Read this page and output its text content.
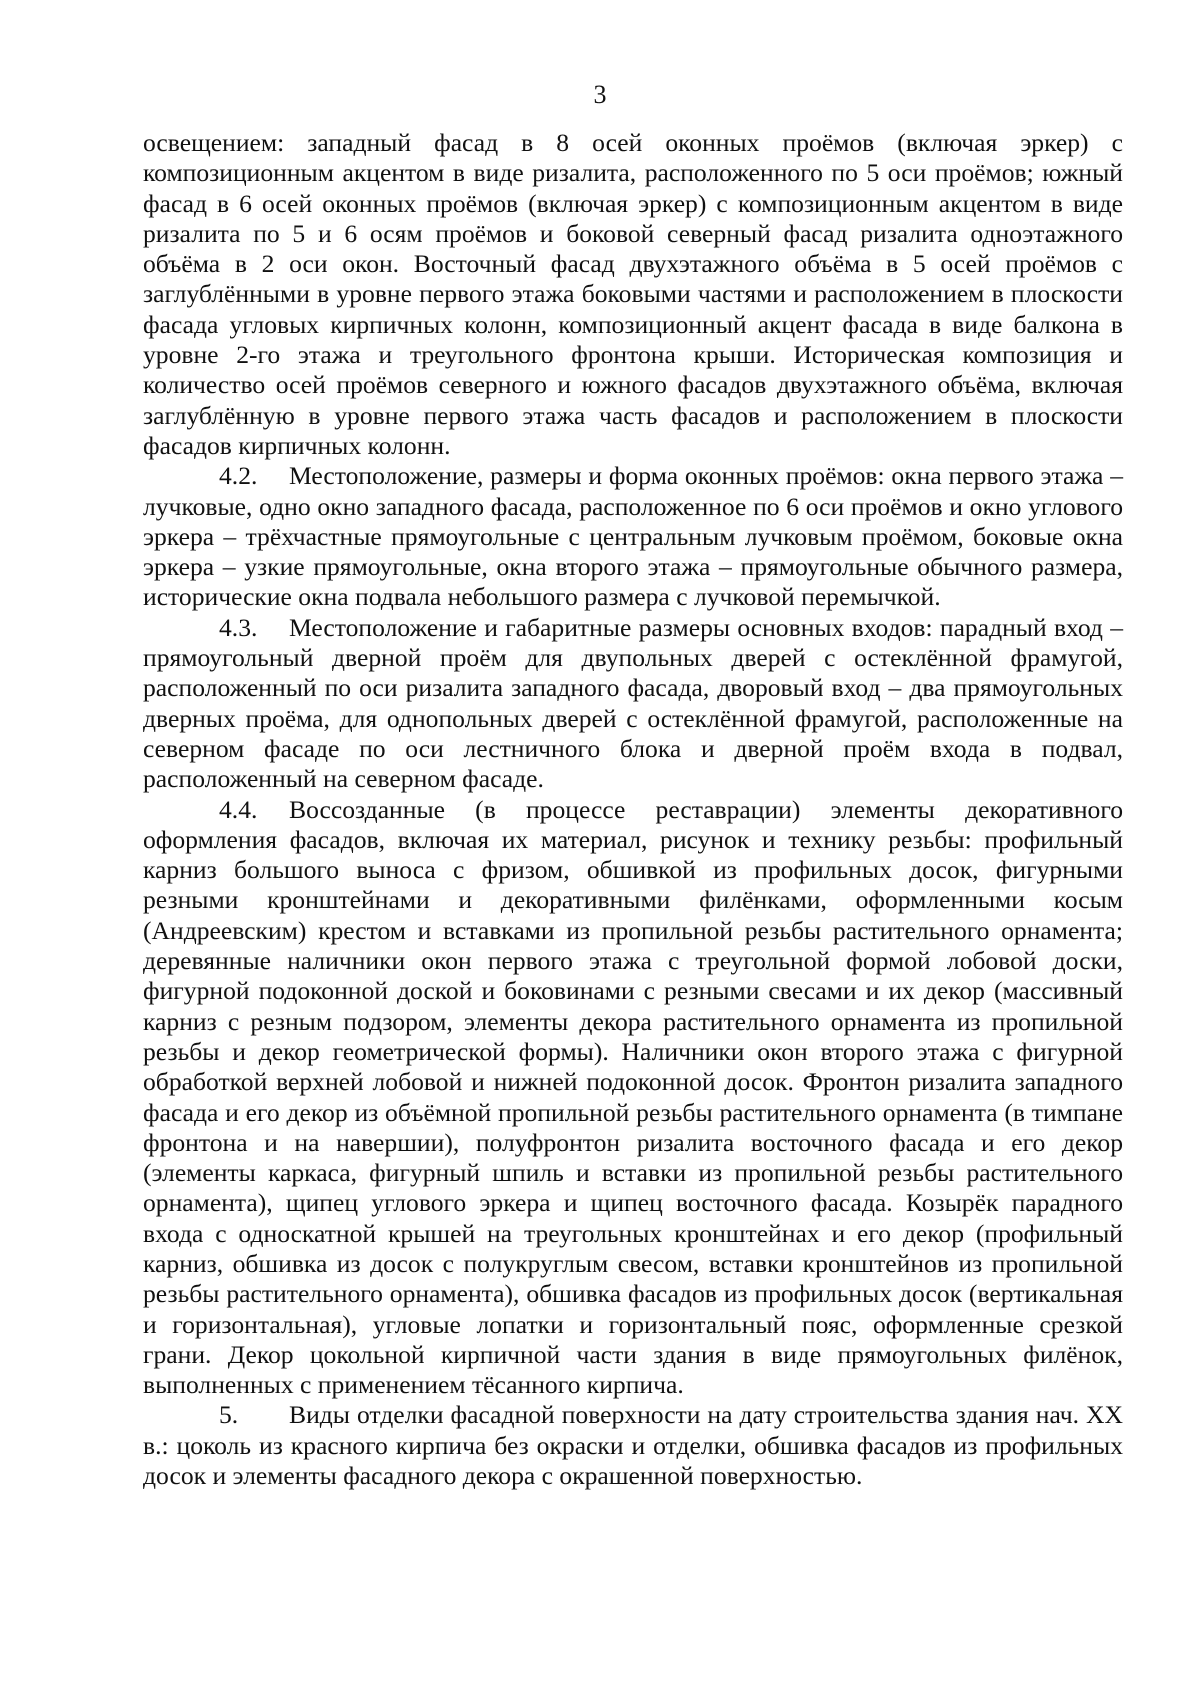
3

освещением: западный фасад в 8 осей оконных проёмов (включая эркер) с композиционным акцентом в виде ризалита, расположенного по 5 оси проёмов; южный фасад в 6 осей оконных проёмов (включая эркер) с композиционным акцентом в виде ризалита по 5 и 6 осям проёмов и боковой северный фасад ризалита одноэтажного объёма в 2 оси окон. Восточный фасад двухэтажного объёма в 5 осей проёмов с заглублёнными в уровне первого этажа боковыми частями и расположением в плоскости фасада угловых кирпичных колонн, композиционный акцент фасада в виде балкона в уровне 2-го этажа и треугольного фронтона крыши. Историческая композиция и количество осей проёмов северного и южного фасадов двухэтажного объёма, включая заглублённую в уровне первого этажа часть фасадов и расположением в плоскости фасадов кирпичных колонн.

4.2. Местоположение, размеры и форма оконных проёмов: окна первого этажа – лучковые, одно окно западного фасада, расположенное по 6 оси проёмов и окно углового эркера – трёхчастные прямоугольные с центральным лучковым проёмом, боковые окна эркера – узкие прямоугольные, окна второго этажа – прямоугольные обычного размера, исторические окна подвала небольшого размера с лучковой перемычкой.

4.3. Местоположение и габаритные размеры основных входов: парадный вход – прямоугольный дверной проём для двупольных дверей с остеклённой фрамугой, расположенный по оси ризалита западного фасада, дворовый вход – два прямоугольных дверных проёма, для однопольных дверей с остеклённой фрамугой, расположенные на северном фасаде по оси лестничного блока и дверной проём входа в подвал, расположенный на северном фасаде.

4.4. Воссозданные (в процессе реставрации) элементы декоративного оформления фасадов, включая их материал, рисунок и технику резьбы: профильный карниз большого выноса с фризом, обшивкой из профильных досок, фигурными резными кронштейнами и декоративными филёнками, оформленными косым (Андреевским) крестом и вставками из пропильной резьбы растительного орнамента; деревянные наличники окон первого этажа с треугольной формой лобовой доски, фигурной подоконной доской и боковинами с резными свесами и их декор (массивный карниз с резным подзором, элементы декора растительного орнамента из пропильной резьбы и декор геометрической формы). Наличники окон второго этажа с фигурной обработкой верхней лобовой и нижней подоконной досок. Фронтон ризалита западного фасада и его декор из объёмной пропильной резьбы растительного орнамента (в тимпане фронтона и на навершии), полуфронтон ризалита восточного фасада и его декор (элементы каркаса, фигурный шпиль и вставки из пропильной резьбы растительного орнамента), щипец углового эркера и щипец восточного фасада. Козырёк парадного входа с односкатной крышей на треугольных кронштейнах и его декор (профильный карниз, обшивка из досок с полукруглым свесом, вставки кронштейнов из пропильной резьбы растительного орнамента), обшивка фасадов из профильных досок (вертикальная и горизонтальная), угловые лопатки и горизонтальный пояс, оформленные срезкой грани. Декор цокольной кирпичной части здания в виде прямоугольных филёнок, выполненных с применением тёсанного кирпича.

5. Виды отделки фасадной поверхности на дату строительства здания нач. XX в.: цоколь из красного кирпича без окраски и отделки, обшивка фасадов из профильных досок и элементы фасадного декора с окрашенной поверхностью.
